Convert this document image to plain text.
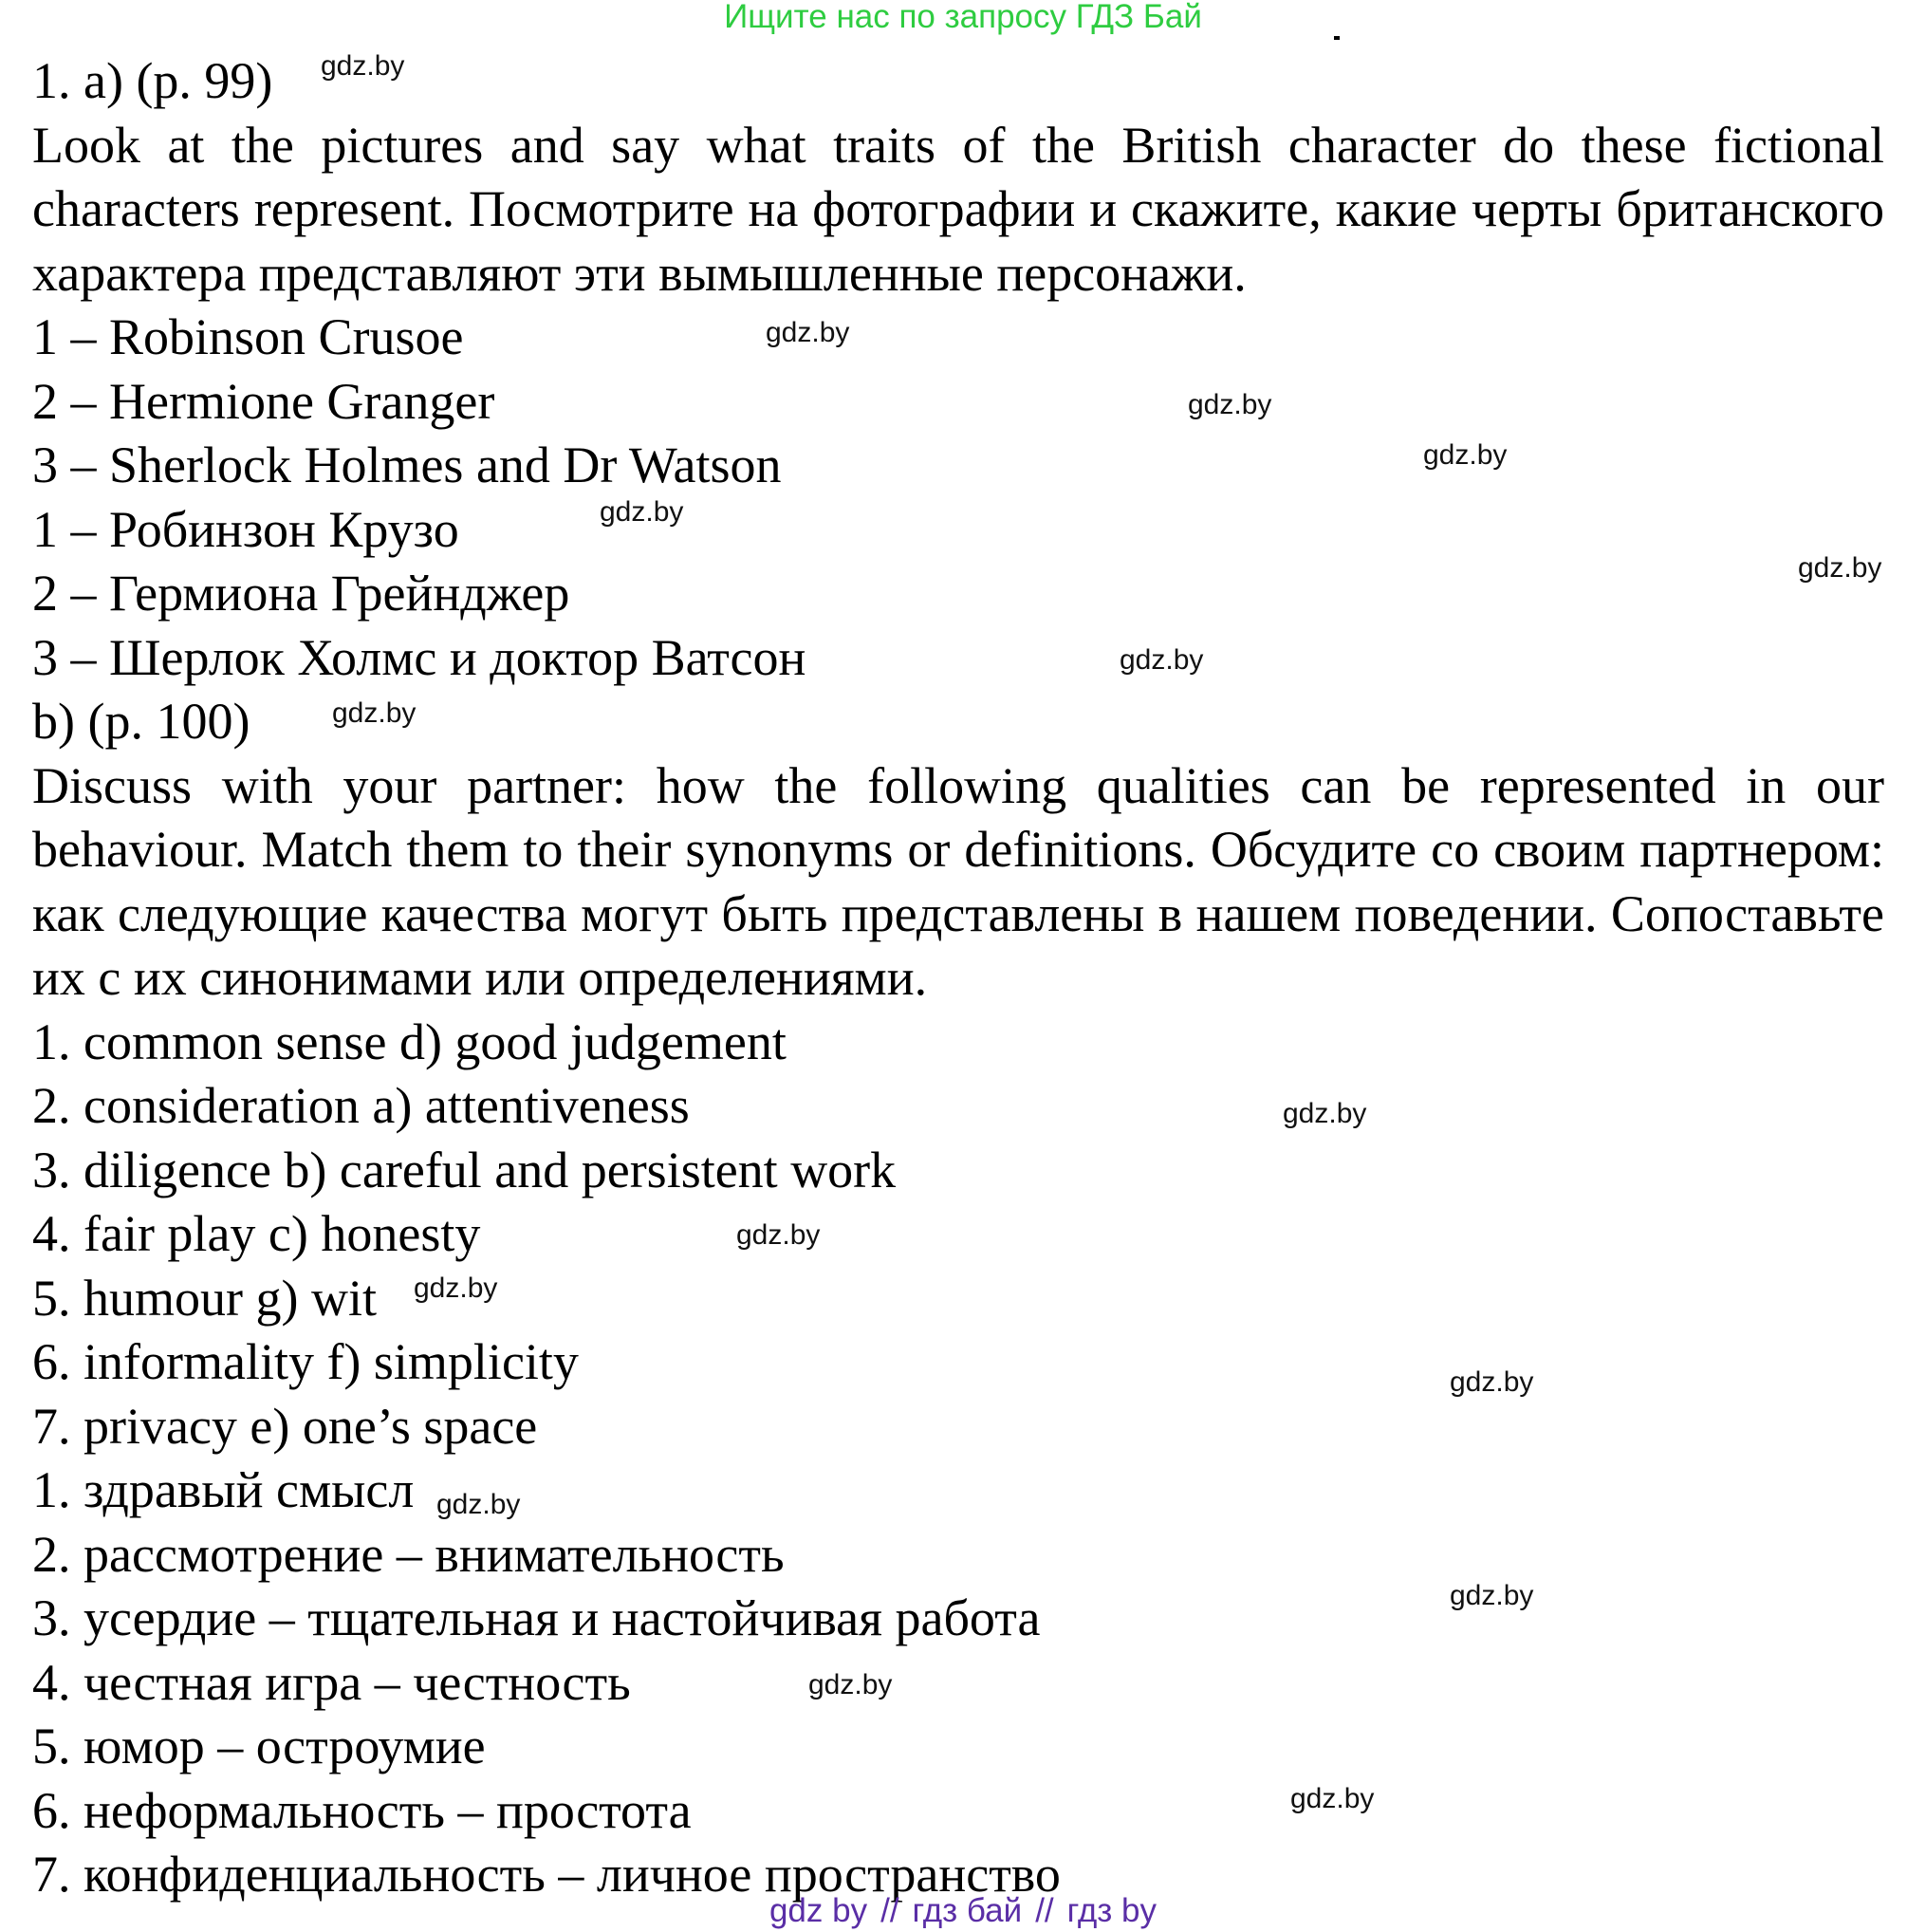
Ищите нас по запросу ГДЗ Бай
1. a) (p. 99)
Look at the pictures and say what traits of the British character do these fictional characters represent. Посмотрите на фотографии и скажите, какие черты британского характера представляют эти вымышленные персонажи.
1 – Robinson Crusoe
2 – Hermione Granger
3 – Sherlock Holmes and Dr Watson
1 – Робинзон Крузо
2 – Гермиона Грейнджер
3 – Шерлок Холмс и доктор Ватсон
b) (p. 100)
Discuss with your partner: how the following qualities can be represented in our behaviour. Match them to their synonyms or definitions. Обсудите со своим партнером: как следующие качества могут быть представлены в нашем поведении. Сопоставьте их с их синонимами или определениями.
1. common sense d) good judgement
2. consideration a) attentiveness
3. diligence b) careful and persistent work
4. fair play c) honesty
5. humour g) wit
6. informality f) simplicity
7. privacy e) one’s space
1. здравый смысл
2. рассмотрение – внимательность
3. усердие – тщательная и настойчивая работа
4. честная игра – честность
5. юмор – остроумие
6. неформальность – простота
7. конфиденциальность – личное пространство
gdz.by
gdz.by
gdz.by
gdz.by
gdz.by
gdz.by
gdz.by
gdz.by
gdz.by
gdz.by
gdz.by
gdz.by
gdz.by
gdz.by
gdz.by
gdz.by
gdz by // гдз бай // гдз by
